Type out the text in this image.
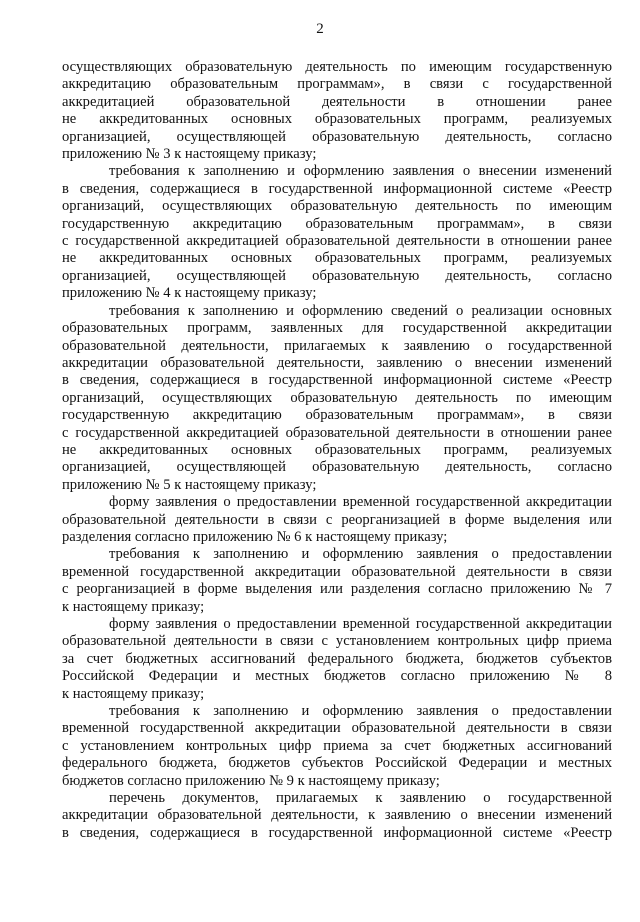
2
осуществляющих образовательную деятельность по имеющим государственную
аккредитацию образовательным программам», в связи с государственной
аккредитацией образовательной деятельности в отношении ранее
не аккредитованных основных образовательных программ, реализуемых
организацией, осуществляющей образовательную деятельность, согласно
приложению № 3 к настоящему приказу;
требования к заполнению и оформлению заявления о внесении изменений
в сведения, содержащиеся в государственной информационной системе «Реестр
организаций, осуществляющих образовательную деятельность по имеющим
государственную аккредитацию образовательным программам», в связи
с государственной аккредитацией образовательной деятельности в отношении ранее
не аккредитованных основных образовательных программ, реализуемых
организацией, осуществляющей образовательную деятельность, согласно
приложению № 4 к настоящему приказу;
требования к заполнению и оформлению сведений о реализации основных
образовательных программ, заявленных для государственной аккредитации
образовательной деятельности, прилагаемых к заявлению о государственной
аккредитации образовательной деятельности, заявлению о внесении изменений
в сведения, содержащиеся в государственной информационной системе «Реестр
организаций, осуществляющих образовательную деятельность по имеющим
государственную аккредитацию образовательным программам», в связи
с государственной аккредитацией образовательной деятельности в отношении ранее
не аккредитованных основных образовательных программ, реализуемых
организацией, осуществляющей образовательную деятельность, согласно
приложению № 5 к настоящему приказу;
форму заявления о предоставлении временной государственной аккредитации
образовательной деятельности в связи с реорганизацией в форме выделения или
разделения согласно приложению № 6 к настоящему приказу;
требования к заполнению и оформлению заявления о предоставлении
временной государственной аккредитации образовательной деятельности в связи
с реорганизацией в форме выделения или разделения согласно приложению № 7
к настоящему приказу;
форму заявления о предоставлении временной государственной аккредитации
образовательной деятельности в связи с установлением контрольных цифр приема
за счет бюджетных ассигнований федерального бюджета, бюджетов субъектов
Российской Федерации и местных бюджетов согласно приложению № 8
к настоящему приказу;
требования к заполнению и оформлению заявления о предоставлении
временной государственной аккредитации образовательной деятельности в связи
с установлением контрольных цифр приема за счет бюджетных ассигнований
федерального бюджета, бюджетов субъектов Российской Федерации и местных
бюджетов согласно приложению № 9 к настоящему приказу;
перечень документов, прилагаемых к заявлению о государственной
аккредитации образовательной деятельности, к заявлению о внесении изменений
в сведения, содержащиеся в государственной информационной системе «Реестр
